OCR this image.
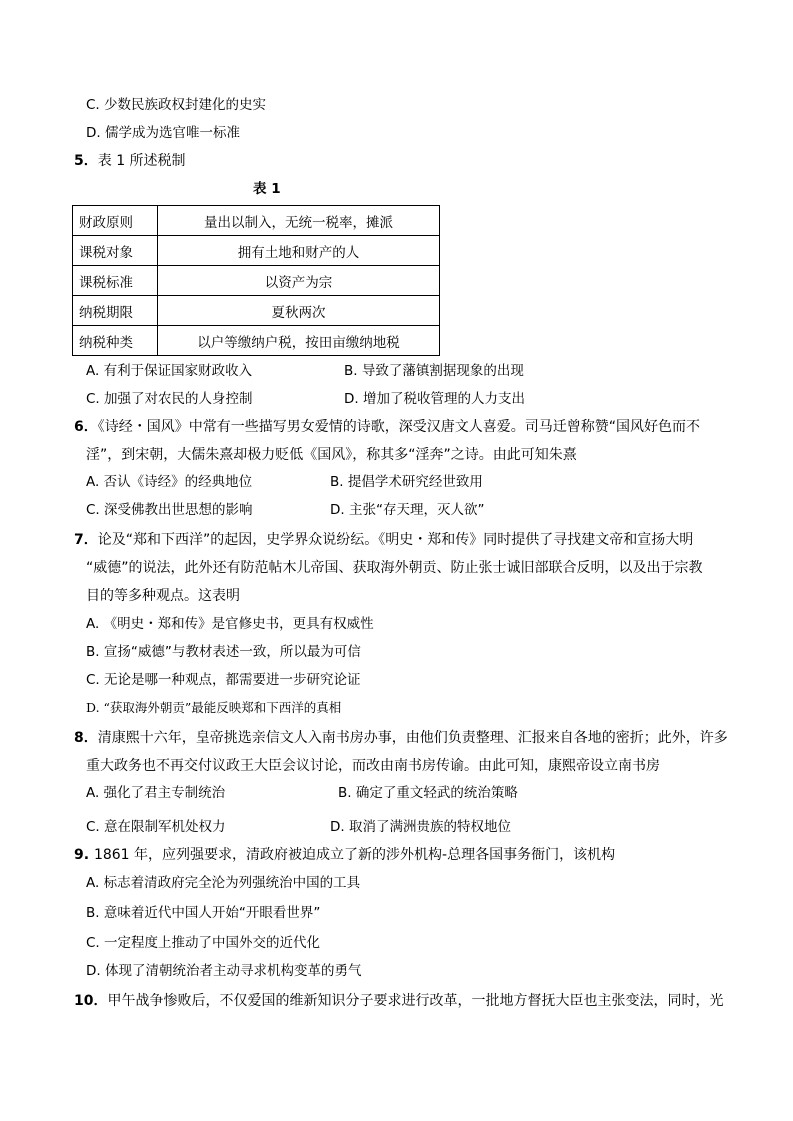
C. 少数民族政权封建化的史实
D. 儒学成为选官唯一标准
5．表 1 所述税制
表 1
财政原则	量出以制入，无统一税率，摊派
课税对象	拥有土地和财产的人
课税标准	以资产为宗
纳税期限	夏秋两次
纳税种类	以户等缴纳户税，按田亩缴纳地税
A. 有利于保证国家财政收入	B. 导致了藩镇割据现象的出现
C. 加强了对农民的人身控制	D. 增加了税收管理的人力支出
6．《诗经・国风》中常有一些描写男女爱情的诗歌，深受汉唐文人喜爱。司马迁曾称赞“国风好色而不
淫”，到宋朝，大儒朱熹却极力贬低《国风》，称其多“淫奔”之诗。由此可知朱熹
A. 否认《诗经》的经典地位	B. 提倡学术研究经世致用
C. 深受佛教出世思想的影响	D. 主张“存天理，灭人欲”
7．论及“郑和下西洋”的起因，史学界众说纷纭。《明史・郑和传》同时提供了寻找建文帝和宣扬大明
“威德”的说法，此外还有防范帖木儿帝国、获取海外朝贡、防止张士诚旧部联合反明，以及出于宗教
目的等多种观点。这表明
A. 《明史・郑和传》是官修史书，更具有权威性
B. 宣扬“威德”与教材表述一致，所以最为可信
C. 无论是哪一种观点，都需要进一步研究论证
D. “获取海外朝贡”最能反映郑和下西洋的真相
8．清康熙十六年，皇帝挑选亲信文人入南书房办事，由他们负责整理、汇报来自各地的密折；此外，许多
重大政务也不再交付议政王大臣会议讨论，而改由南书房传谕。由此可知，康熙帝设立南书房
A. 强化了君主专制统治	B. 确定了重文轻武的统治策略
C. 意在限制军机处权力	D. 取消了满洲贵族的特权地位
9. 1861 年，应列强要求，清政府被迫成立了新的涉外机构-总理各国事务衙门，该机构
A. 标志着清政府完全沦为列强统治中国的工具
B. 意味着近代中国人开始“开眼看世界”
C. 一定程度上推动了中国外交的近代化
D. 体现了清朝统治者主动寻求机构变革的勇气
10．甲午战争惨败后，不仅爱国的维新知识分子要求进行改革，一批地方督抚大臣也主张变法，同时，光
